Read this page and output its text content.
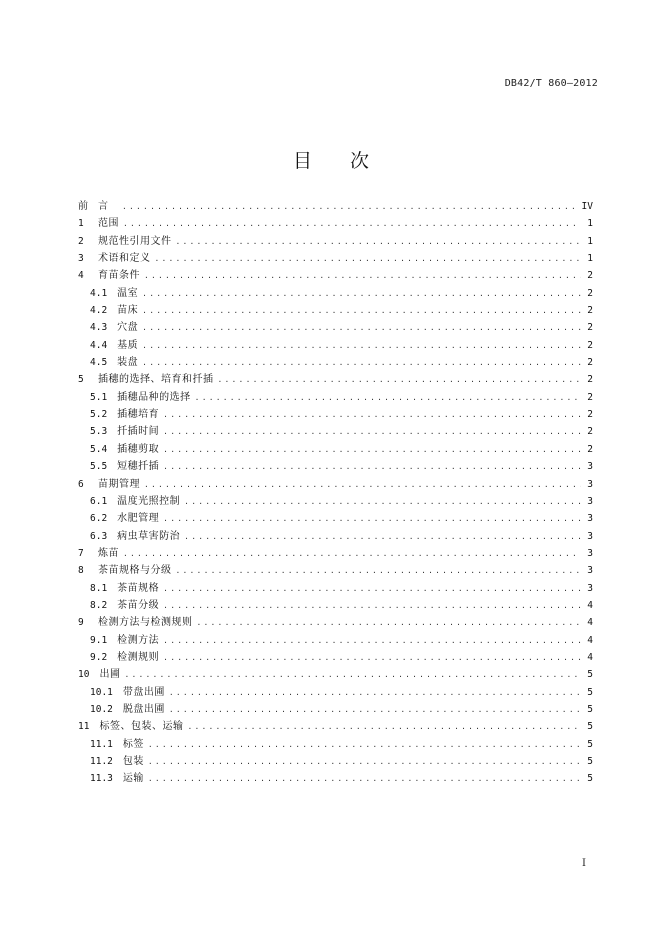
DB42/T 860—2012
目 次
前　言 .....	IV
1	范围 .....	1
2	规范性引用文件 .....	1
3	术语和定义 .....	1
4	育苗条件 .....	2
4.1 温室 .....	2
4.2 苗床 .....	2
4.3 穴盘 .....	2
4.4 基质 .....	2
4.5 装盘 .....	2
5	插穗的选择、培育和扦插 .....	2
5.1 插穗品种的选择 .....	2
5.2 插穗培育 .....	2
5.3 扦插时间 .....	2
5.4 插穗剪取 .....	2
5.5 短穗扦插 .....	3
6	苗期管理 .....	3
6.1 温度光照控制 .....	3
6.2 水肥管理 .....	3
6.3 病虫草害防治 .....	3
7	炼苗 .....	3
8	茶苗规格与分级 .....	3
8.1 茶苗规格 .....	3
8.2 茶苗分级 .....	4
9	检测方法与检测规则 .....	4
9.1 检测方法 .....	4
9.2 检测规则 .....	4
10 出圃 .....	5
10.1 带盘出圃 .....	5
10.2 脱盘出圃 .....	5
11 标签、包装、运输 .....	5
11.1 标签 .....	5
11.2 包装 .....	5
11.3 运输 .....	5
I
